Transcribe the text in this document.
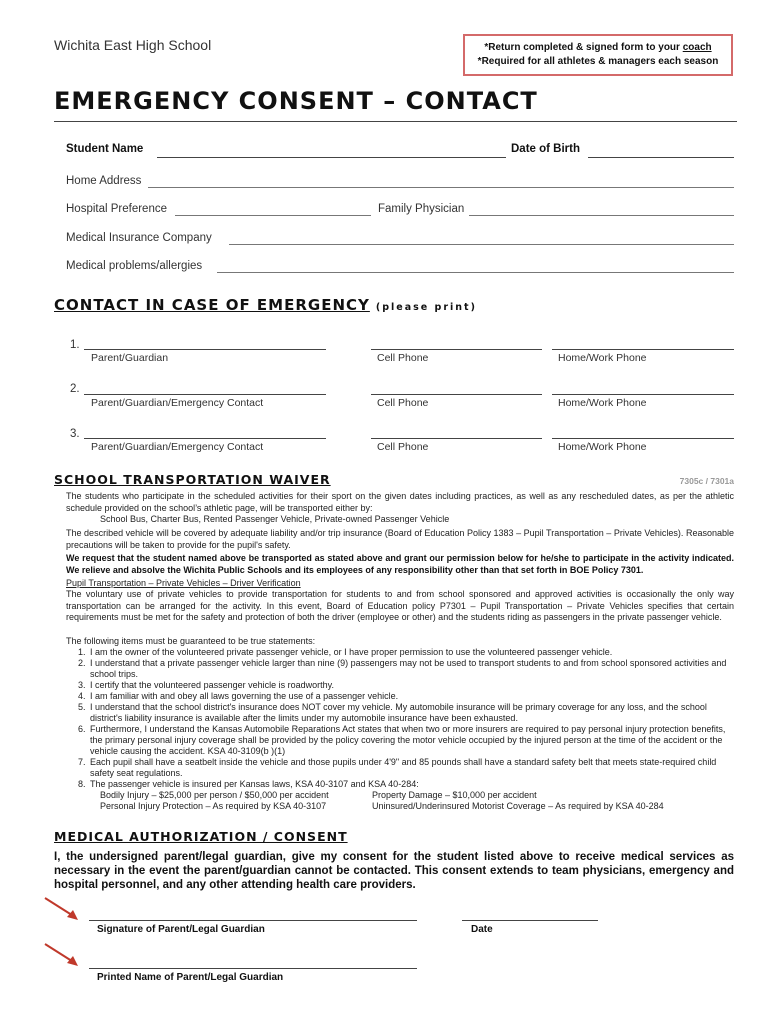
Wichita East High School	*Return completed & signed form to your coach
*Required for all athletes & managers each season
EMERGENCY CONSENT – CONTACT
Student Name	Date of Birth
Home Address
Hospital Preference	Family Physician
Medical Insurance Company
Medical problems/allergies
CONTACT IN CASE OF EMERGENCY (please print)
1.
Parent/Guardian	Cell Phone	Home/Work Phone
2.
Parent/Guardian/Emergency Contact	Cell Phone	Home/Work Phone
3.
Parent/Guardian/Emergency Contact	Cell Phone	Home/Work Phone
SCHOOL TRANSPORTATION WAIVER	7305c / 7301a
The students who participate in the scheduled activities for their sport on the given dates including practices, as well as any rescheduled dates, as per the athletic schedule provided on the school’s athletic page, will be transported either by:
School Bus, Charter Bus, Rented Passenger Vehicle, Private-owned Passenger Vehicle
The described vehicle will be covered by adequate liability and/or trip insurance (Board of Education Policy 1383 – Pupil Transportation – Private Vehicles). Reasonable precautions will be taken to provide for the pupil's safety.
We request that the student named above be transported as stated above and grant our permission below for he/she to participate in the activity indicated. We relieve and absolve the Wichita Public Schools and its employees of any responsibility other than that set forth in BOE Policy 7301.
Pupil Transportation – Private Vehicles – Driver Verification
The voluntary use of private vehicles to provide transportation for students to and from school sponsored and approved activities is occasionally the only way transportation can be arranged for the activity. In this event, Board of Education policy P7301 – Pupil Transportation – Private Vehicles specifies that certain requirements must be met for the safety and protection of both the driver (employee or other) and the students riding as passengers in the private passenger vehicle.
The following items must be guaranteed to be true statements:
1. I am the owner of the volunteered private passenger vehicle, or I have proper permission to use the volunteered passenger vehicle.
2. I understand that a private passenger vehicle larger than nine (9) passengers may not be used to transport students to and from school sponsored activities and school trips.
3. I certify that the volunteered passenger vehicle is roadworthy.
4. I am familiar with and obey all laws governing the use of a passenger vehicle.
5. I understand that the school district's insurance does NOT cover my vehicle. My automobile insurance will be primary coverage for any loss, and the school district's liability insurance is available after the limits under my automobile insurance have been exhausted.
6. Furthermore, I understand the Kansas Automobile Reparations Act states that when two or more insurers are required to pay personal injury protection benefits, the primary personal injury coverage shall be provided by the policy covering the motor vehicle occupied by the injured person at the time of the accident or the vehicle causing the accident. KSA 40-3109(b )(1)
7. Each pupil shall have a seatbelt inside the vehicle and those pupils under 4'9" and 85 pounds shall have a standard safety belt that meets state-required child safety seat regulations.
8. The passenger vehicle is insured per Kansas laws, KSA 40-3107 and KSA 40-284:
Bodily Injury – $25,000 per person / $50,000 per accident	Property Damage – $10,000 per accident
Personal Injury Protection – As required by KSA 40-3107	Uninsured/Underinsured Motorist Coverage – As required by KSA 40-284
MEDICAL AUTHORIZATION / CONSENT
I, the undersigned parent/legal guardian, give my consent for the student listed above to receive medical services as necessary in the event the parent/guardian cannot be contacted. This consent extends to team physicians, emergency and hospital personnel, and any other attending health care providers.
Signature of Parent/Legal Guardian	Date
Printed Name of Parent/Legal Guardian
